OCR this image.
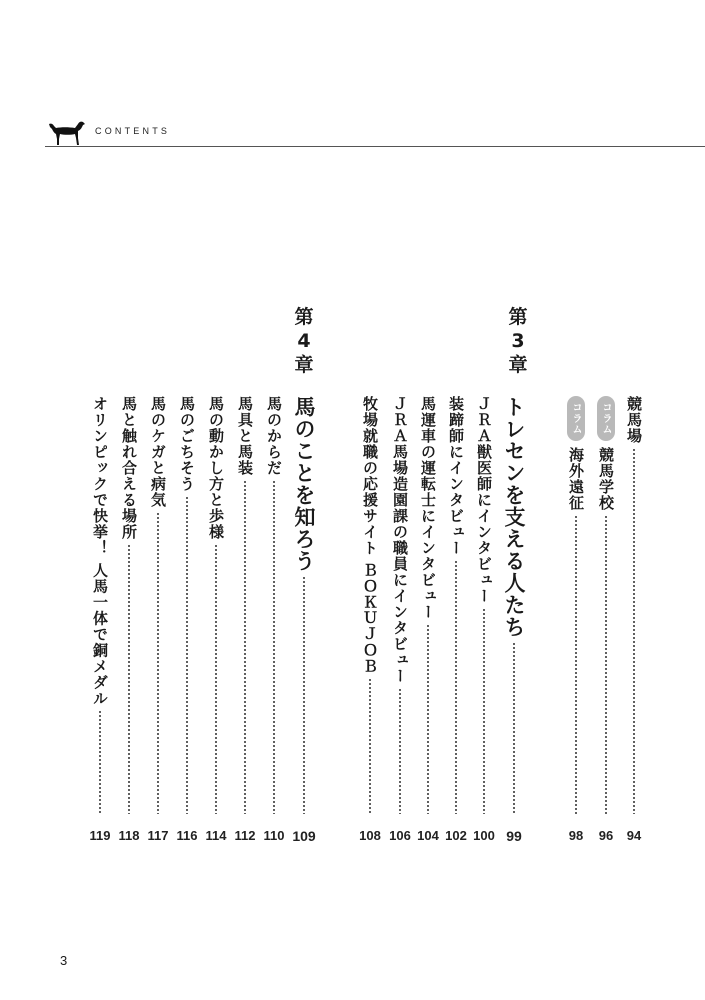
CONTENTS
第
3
章
第
4
章
競馬場
コラム
競馬学校
コラム
海外遠征
トレセンを支える人たち
ＪＲＡ獣医師にインタビュー
装蹄師にインタビュー
馬運車の運転士にインタビュー
ＪＲＡ馬場造園課の職員にインタビュー
牧場就職の応援サイト ＢＯＫＵＪＯＢ
馬のことを知ろう
馬のからだ
馬具と馬装
馬の動かし方と歩様
馬のごちそう
馬のケガと病気
馬と触れ合える場所
オリンピックで快挙！ 人馬一体で銅メダル
94
96
98
99
100
102
104
106
108
109
110
112
114
116
117
118
119
3
